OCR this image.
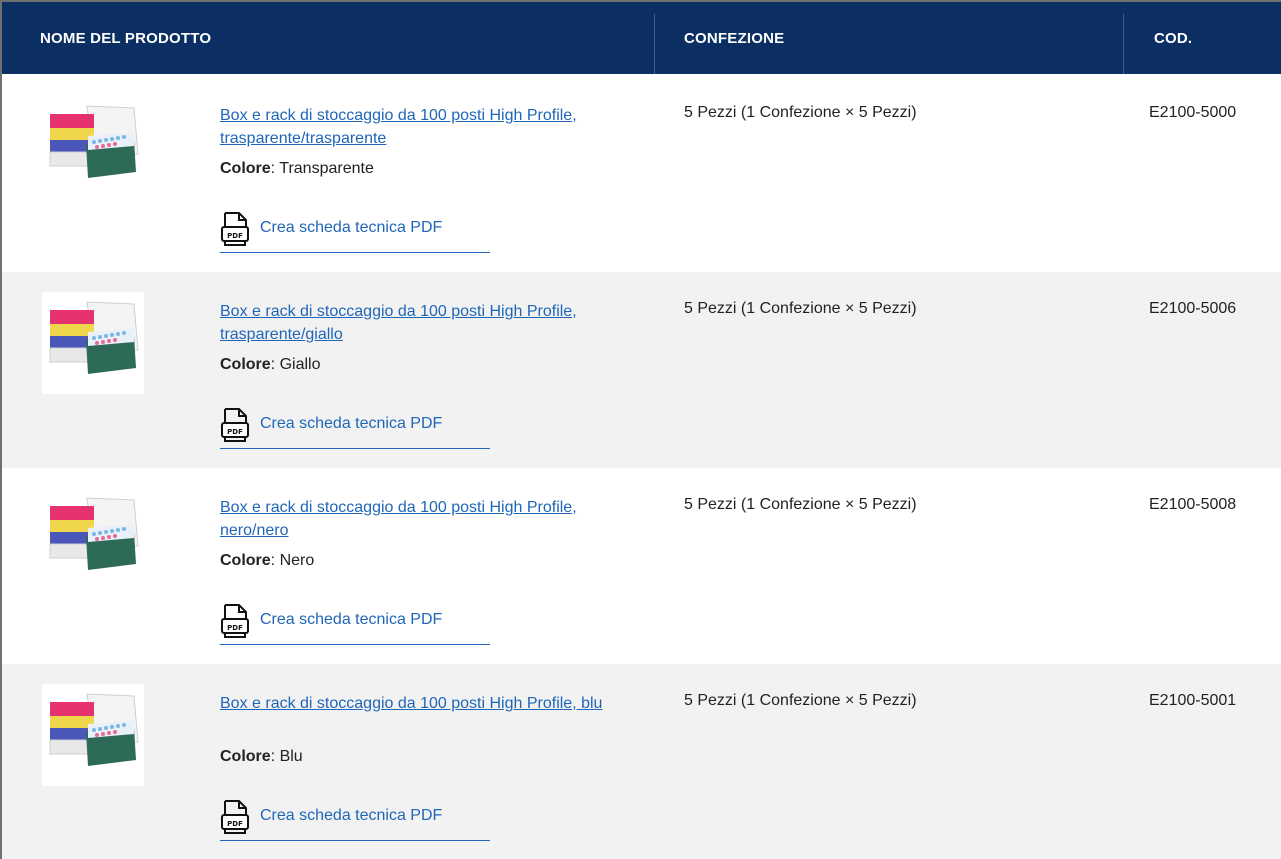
NOME DEL PRODOTTO	CONFEZIONE	COD.
Box e rack di stoccaggio da 100 posti High Profile, trasparente/trasparente
Colore: Transparente
PDF Crea scheda tecnica PDF
5 Pezzi (1 Confezione × 5 Pezzi)	E2100-5000
Box e rack di stoccaggio da 100 posti High Profile, trasparente/giallo
Colore: Giallo
PDF Crea scheda tecnica PDF
5 Pezzi (1 Confezione × 5 Pezzi)	E2100-5006
Box e rack di stoccaggio da 100 posti High Profile, nero/nero
Colore: Nero
PDF Crea scheda tecnica PDF
5 Pezzi (1 Confezione × 5 Pezzi)	E2100-5008
Box e rack di stoccaggio da 100 posti High Profile, blu
Colore: Blu
PDF Crea scheda tecnica PDF
5 Pezzi (1 Confezione × 5 Pezzi)	E2100-5001
